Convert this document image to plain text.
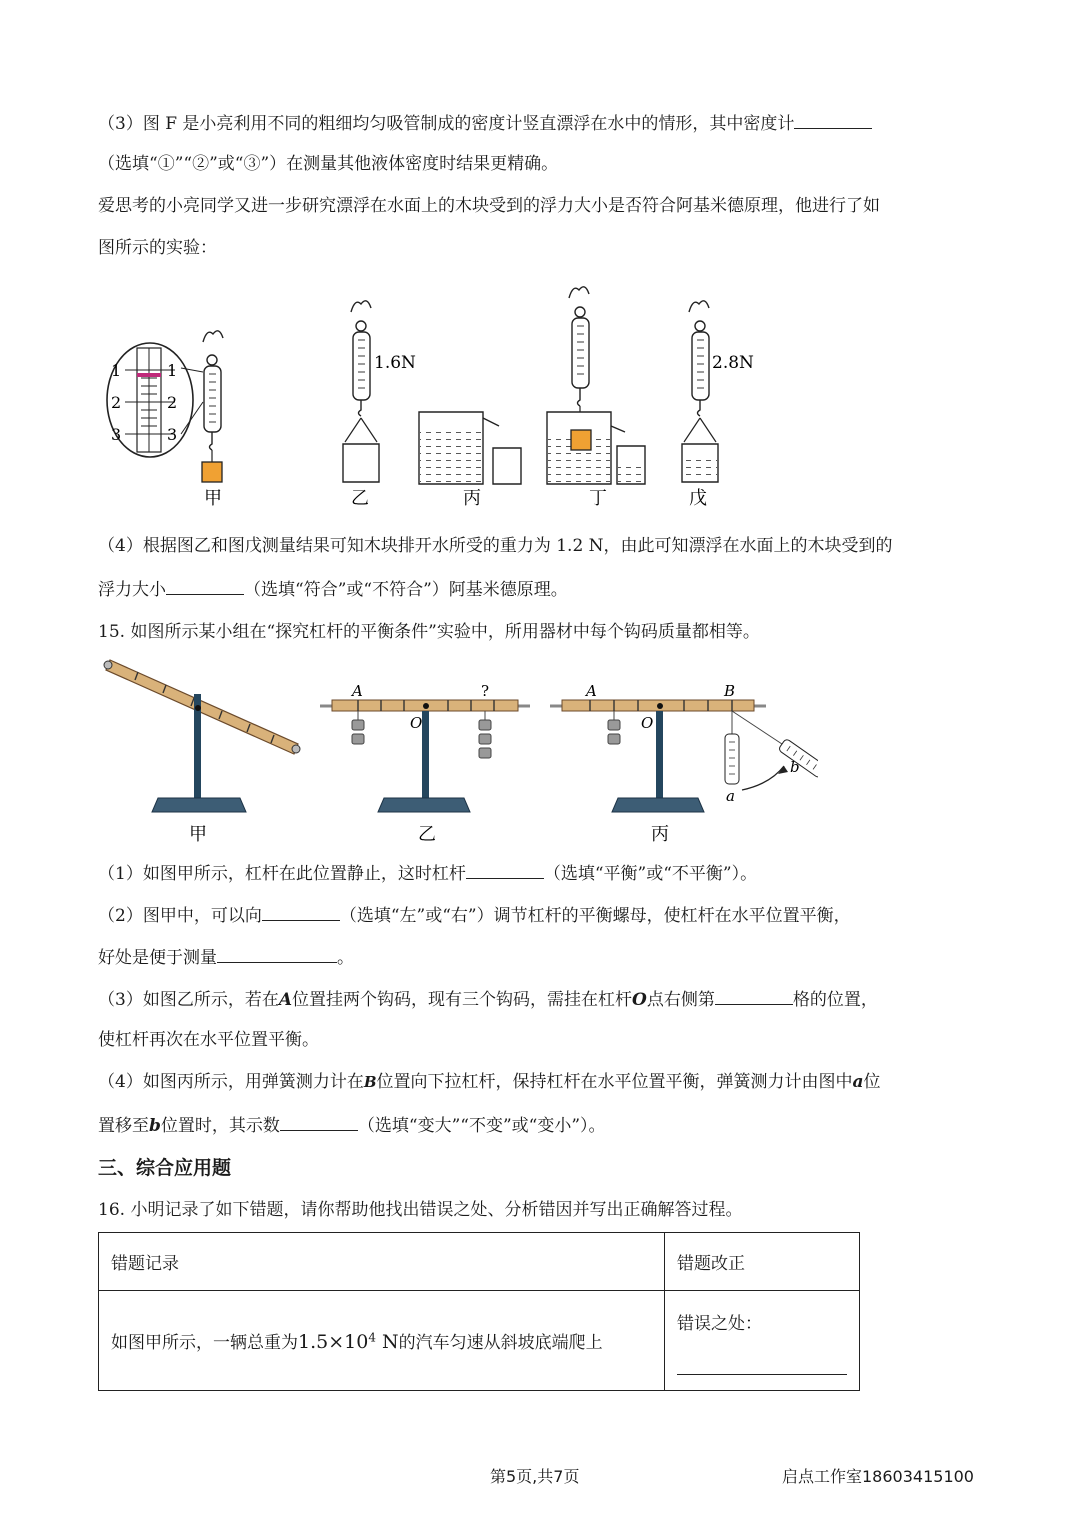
（3）图 F 是小亮利用不同的粗细均匀吸管制成的密度计竖直漂浮在水中的情形，其中密度计
（选填“①”“②”或“③”）在测量其他液体密度时结果更精确。
爱思考的小亮同学又进一步研究漂浮在水面上的木块受到的浮力大小是否符合阿基米德原理，他进行了如
图所示的实验：
1
2
3
1
2
3
甲
1.6N
乙	丙	丁
2.8N
戊
（4）根据图乙和图戊测量结果可知木块排开水所受的重力为 1.2 N，由此可知漂浮在水面上的木块受到的
浮力大小	（选填“符合”或“不符合”）阿基米德原理。
15. 如图所示某小组在“探究杠杆的平衡条件”实验中，所用器材中每个钩码质量都相等。
甲
A	?
O
乙
A	B
O
a
b
丙
（1）如图甲所示，杠杆在此位置静止，这时杠杆	（选填“平衡”或“不平衡”）。
（2）图甲中，可以向	（选填“左”或“右”）调节杠杆的平衡螺母，使杠杆在水平位置平衡，
好处是便于测量	。
（3）如图乙所示，若在A位置挂两个钩码，现有三个钩码，需挂在杠杆O点右侧第	格的位置，
使杠杆再次在水平位置平衡。
（4）如图丙所示，用弹簧测力计在B位置向下拉杠杆，保持杠杆在水平位置平衡，弹簧测力计由图中a位
置移至b位置时，其示数	（选填“变大”“不变”或“变小”）。
三、综合应用题
16. 小明记录了如下错题，请你帮助他找出错误之处、分析错因并写出正确解答过程。
错题记录	错题改正
如图甲所示，一辆总重为$1.5\times 10^4$ N的汽车匀速从斜坡底端爬上	错误之处：
第5页,共7页	启点工作室18603415100
